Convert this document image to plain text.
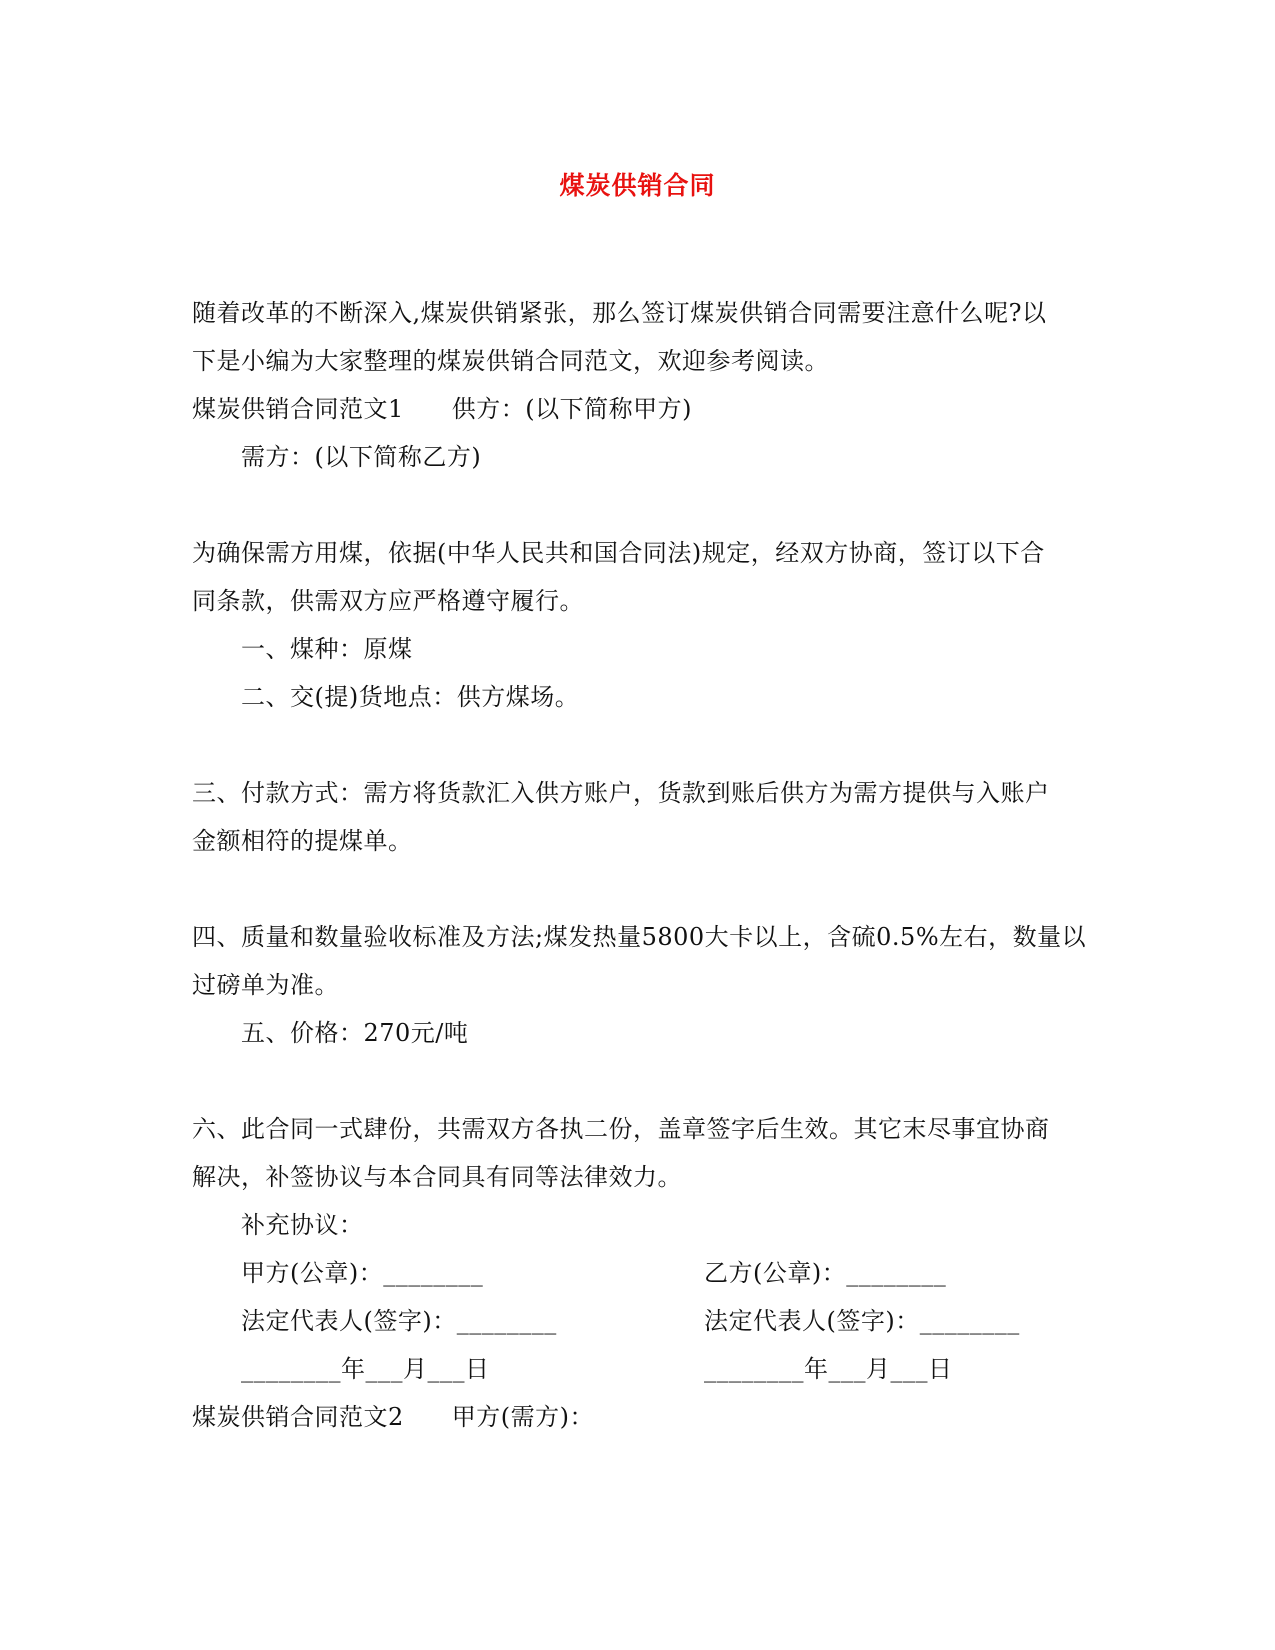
煤炭供销合同
随着改革的不断深入,煤炭供销紧张，那么签订煤炭供销合同需要注意什么呢?以
下是小编为大家整理的煤炭供销合同范文，欢迎参考阅读。
煤炭供销合同范文1 供方：(以下简称甲方)
需方：(以下简称乙方)
为确保需方用煤，依据(中华人民共和国合同法)规定，经双方协商，签订以下合
同条款，供需双方应严格遵守履行。
一、煤种：原煤
二、交(提)货地点：供方煤场。
三、付款方式：需方将货款汇入供方账户，货款到账后供方为需方提供与入账户
金额相符的提煤单。
四、质量和数量验收标准及方法;煤发热量5800大卡以上，含硫0.5%左右，数量以
过磅单为准。
五、价格：270元/吨
六、此合同一式肆份，共需双方各执二份，盖章签字后生效。其它末尽事宜协商
解决，补签协议与本合同具有同等法律效力。
补充协议：
甲方(公章)：________	乙方(公章)：________
法定代表人(签字)：________	法定代表人(签字)：________
________年___月___日	________年___月___日
煤炭供销合同范文2 甲方(需方)：
